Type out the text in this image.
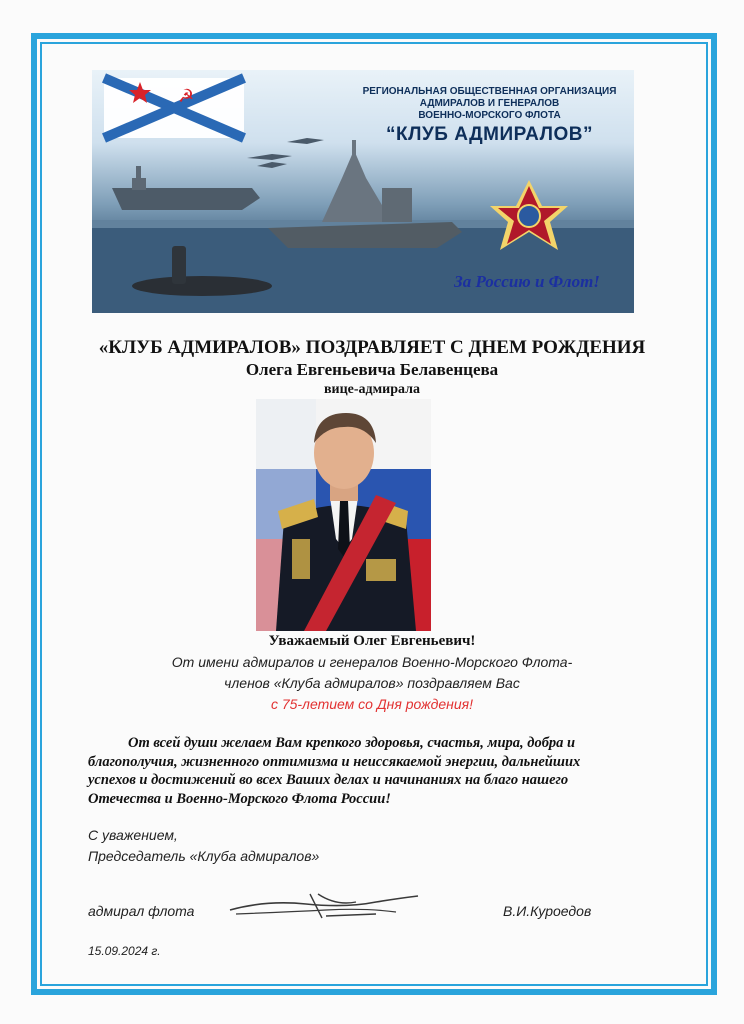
☭	РЕГИОНАЛЬНАЯ ОБЩЕСТВЕННАЯ ОРГАНИЗАЦИЯ
АДМИРАЛОВ И ГЕНЕРАЛОВ
ВОЕННО-МОРСКОГО ФЛОТА
“КЛУБ АДМИРАЛОВ”
За Россию и Флот!
«КЛУБ АДМИРАЛОВ» ПОЗДРАВЛЯЕТ С ДНЕМ РОЖДЕНИЯ
Олега Евгеньевича Белавенцева
вице-адмирала
Уважаемый Олег Евгеньевич!
От имени адмиралов и генералов Военно-Морского Флота-
членов «Клуба адмиралов» поздравляем Вас
с 75-летием со Дня рождения!
От всей души желаем Вам крепкого здоровья, счастья, мира, добра и
благополучия, жизненного оптимизма и неиссякаемой энергии, дальнейших
успехов и достижений во всех Ваших делах и начинаниях на благо нашего
Отечества и Военно-Морского Флота России!
С уважением,
Председатель «Клуба адмиралов»
адмирал флота	В.И.Куроедов
15.09.2024 г.
